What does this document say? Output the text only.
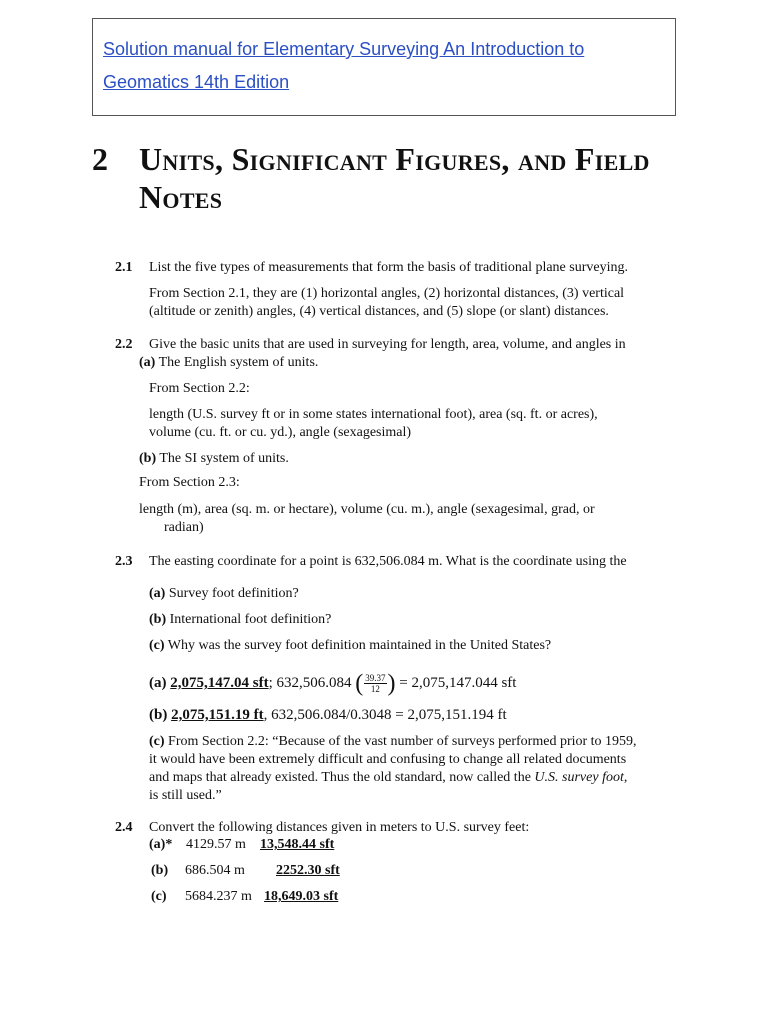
Solution manual for Elementary Surveying An Introduction to
Geomatics 14th Edition
2 Units, Significant Figures, and Field
Notes
2.1 List the five types of measurements that form the basis of traditional plane surveying.
From Section 2.1, they are (1) horizontal angles, (2) horizontal distances, (3) vertical
(altitude or zenith) angles, (4) vertical distances, and (5) slope (or slant) distances.
2.2 Give the basic units that are used in surveying for length, area, volume, and angles in
(a) The English system of units.
From Section 2.2:
length (U.S. survey ft or in some states international foot), area (sq. ft. or acres),
volume (cu. ft. or cu. yd.), angle (sexagesimal)
(b) The SI system of units.
From Section 2.3:
length (m), area (sq. m. or hectare), volume (cu. m.), angle (sexagesimal, grad, or
radian)
2.3 The easting coordinate for a point is 632,506.084 m. What is the coordinate using the
(a) Survey foot definition?
(b) International foot definition?
(c) Why was the survey foot definition maintained in the United States?
(a) 2,075,147.04 sft; 632,506.084 ( $\frac{39.37}{12}$ ) = 2,075,147.044 sft
(b) 2,075,151.19 ft, 632,506.084/0.3048 = 2,075,151.194 ft
(c) From Section 2.2: “Because of the vast number of surveys performed prior to 1959,
it would have been extremely difficult and confusing to change all related documents
and maps that already existed. Thus the old standard, now called the U.S. survey foot,
is still used.”
2.4 Convert the following distances given in meters to U.S. survey feet:
(a)* 4129.57 m 13,548.44 sft
(b) 686.504 m 2252.30 sft
(c) 5684.237 m 18,649.03 sft
